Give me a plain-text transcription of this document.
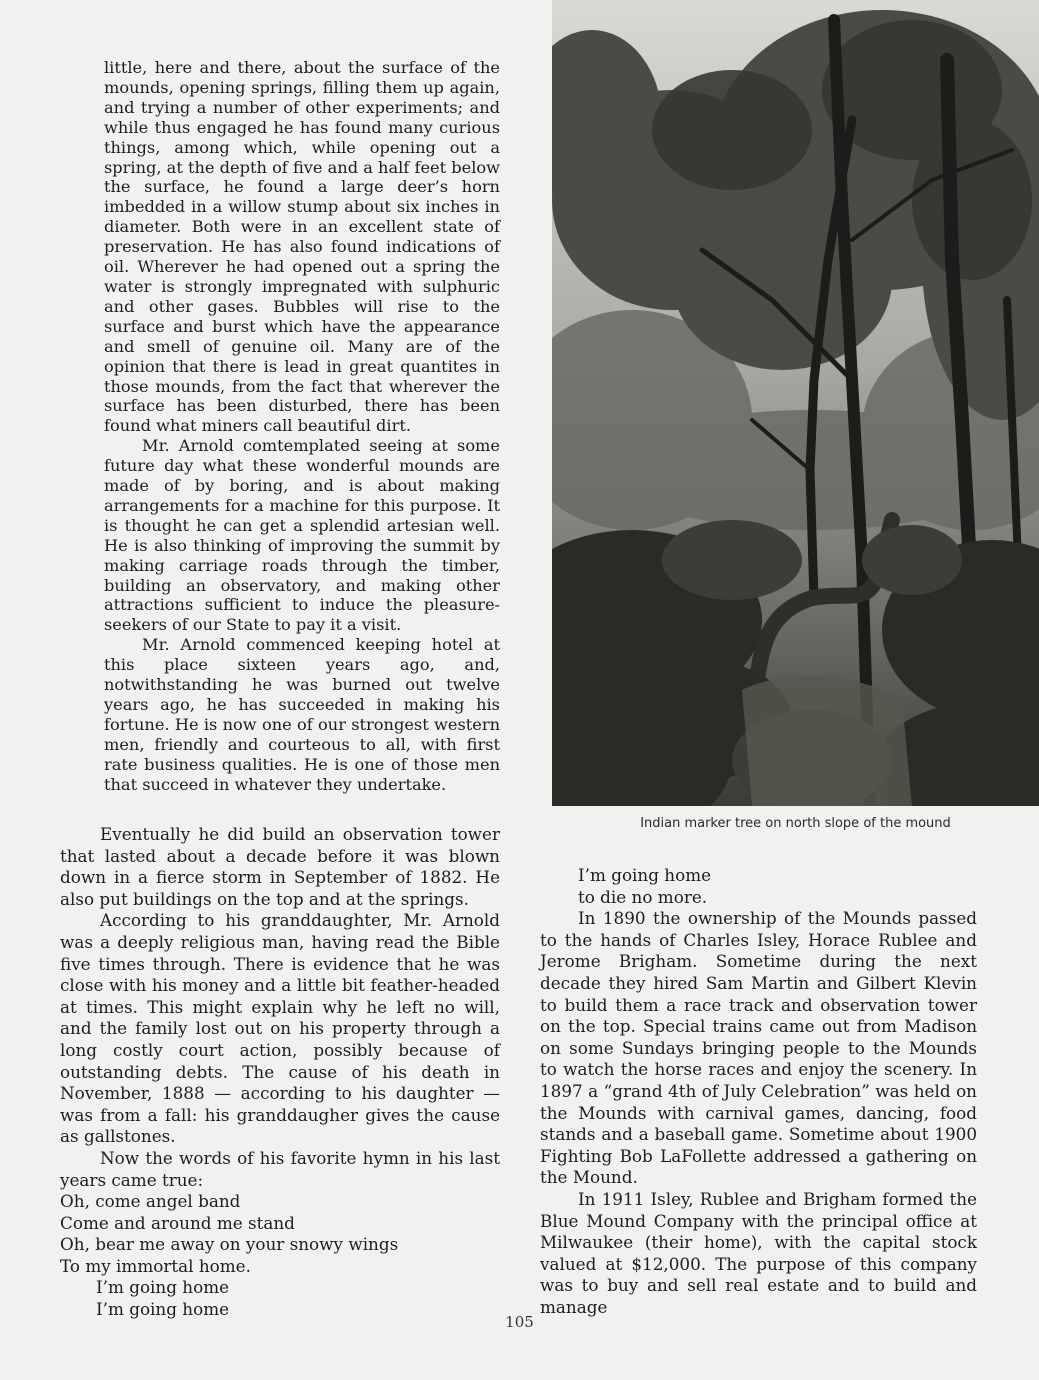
little, here and there, about the surface of the mounds, opening springs, filling them up again, and trying a number of other experiments; and while thus engaged he has found many curious things, among which, while opening out a spring, at the depth of five and a half feet below the surface, he found a large deer’s horn imbedded in a willow stump about six inches in diameter. Both were in an excellent state of preservation. He has also found indications of oil. Wherever he had opened out a spring the water is strongly impregnated with sulphuric and other gases. Bubbles will rise to the surface and burst which have the appearance and smell of genuine oil. Many are of the opinion that there is lead in great quantites in those mounds, from the fact that wherever the surface has been disturbed, there has been found what miners call beautiful dirt.

Mr. Arnold comtemplated seeing at some future day what these wonderful mounds are made of by boring, and is about making arrangements for a machine for this purpose. It is thought he can get a splendid artesian well. He is also thinking of improving the summit by making carriage roads through the timber, building an observatory, and making other attractions sufficient to induce the pleasure-seekers of our State to pay it a visit.

Mr. Arnold commenced keeping hotel at this place sixteen years ago, and, notwithstanding he was burned out twelve years ago, he has succeeded in making his fortune. He is now one of our strongest western men, friendly and courteous to all, with first rate business qualities. He is one of those men that succeed in whatever they undertake.

Eventually he did build an observation tower that lasted about a decade before it was blown down in a fierce storm in September of 1882. He also put buildings on the top and at the springs.

According to his granddaughter, Mr. Arnold was a deeply religious man, having read the Bible five times through. There is evidence that he was close with his money and a little bit feather-headed at times. This might explain why he left no will, and the family lost out on his property through a long costly court action, possibly because of outstanding debts. The cause of his death in November, 1888 — according to his daughter — was from a fall: his granddaugher gives the cause as gallstones.

Now the words of his favorite hymn in his last years came true:

Oh, come angel band
Come and around me stand
Oh, bear me away on your snowy wings
To my immortal home.
I’m going home
I’m going home
Indian marker tree on north slope of the mound
I’m going home
to die no more.

In 1890 the ownership of the Mounds passed to the hands of Charles Isley, Horace Rublee and Jerome Brigham. Sometime during the next decade they hired Sam Martin and Gilbert Klevin to build them a race track and observation tower on the top. Special trains came out from Madison on some Sundays bringing people to the Mounds to watch the horse races and enjoy the scenery. In 1897 a “grand 4th of July Celebration” was held on the Mounds with carnival games, dancing, food stands and a baseball game. Sometime about 1900 Fighting Bob LaFollette addressed a gathering on the Mound.

In 1911 Isley, Rublee and Brigham formed the Blue Mound Company with the principal office at Milwaukee (their home), with the capital stock valued at $12,000. The purpose of this company was to buy and sell real estate and to build and manage

105
